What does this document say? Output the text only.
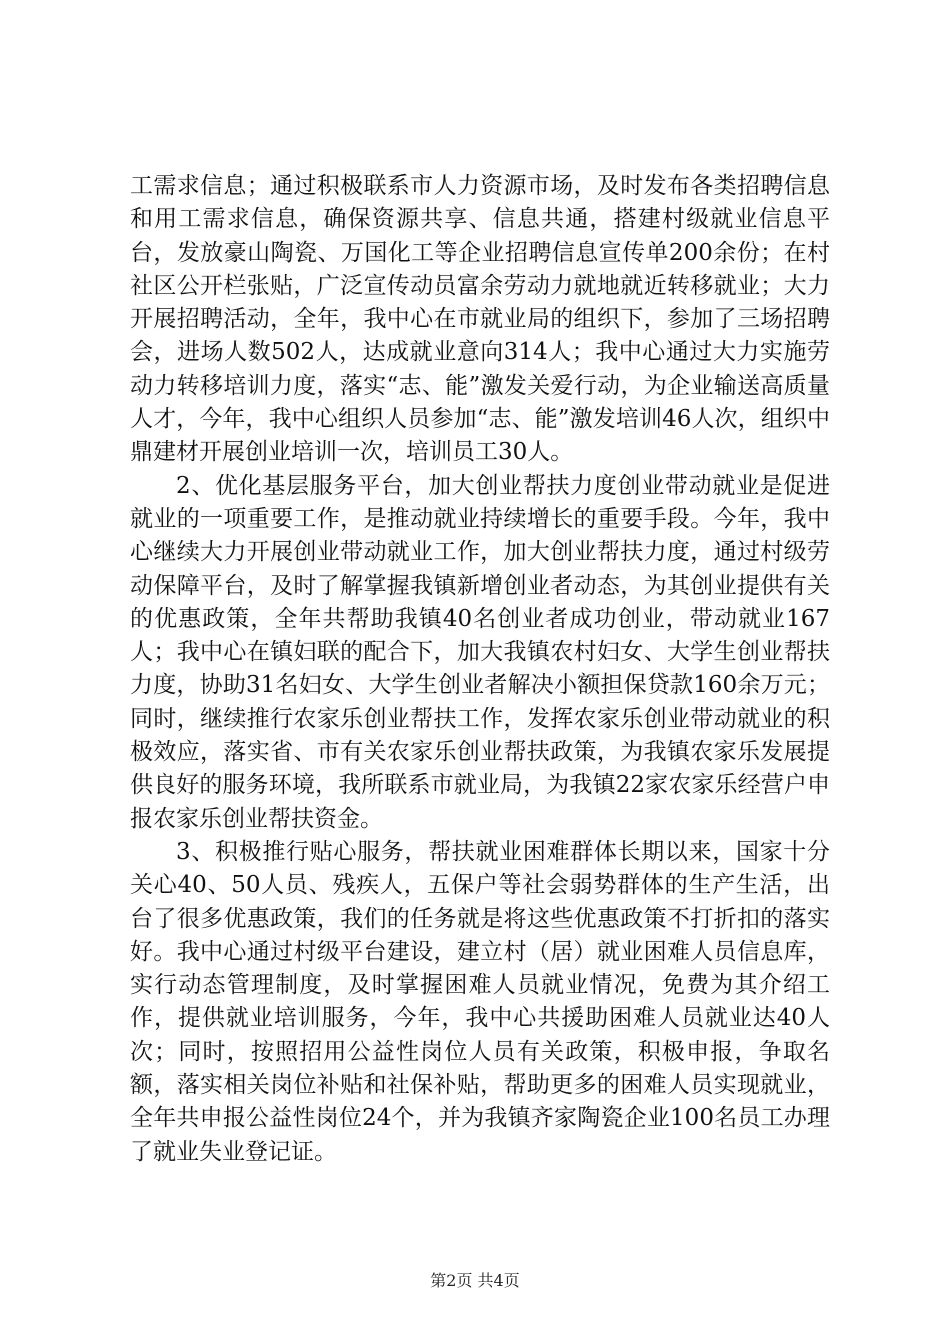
工需求信息；通过积极联系市人力资源市场，及时发布各类招聘信息和用工需求信息，确保资源共享、信息共通，搭建村级就业信息平台，发放豪山陶瓷、万国化工等企业招聘信息宣传单200余份；在村社区公开栏张贴，广泛宣传动员富余劳动力就地就近转移就业；大力开展招聘活动，全年，我中心在市就业局的组织下，参加了三场招聘会，进场人数502人，达成就业意向314人；我中心通过大力实施劳动力转移培训力度，落实“志、能”激发关爱行动，为企业输送高质量人才，今年，我中心组织人员参加“志、能”激发培训46人次，组织中鼎建材开展创业培训一次，培训员工30人。

2、优化基层服务平台，加大创业帮扶力度创业带动就业是促进就业的一项重要工作，是推动就业持续增长的重要手段。今年，我中心继续大力开展创业带动就业工作，加大创业帮扶力度，通过村级劳动保障平台，及时了解掌握我镇新增创业者动态，为其创业提供有关的优惠政策，全年共帮助我镇40名创业者成功创业，带动就业167人；我中心在镇妇联的配合下，加大我镇农村妇女、大学生创业帮扶力度，协助31名妇女、大学生创业者解决小额担保贷款160余万元；同时，继续推行农家乐创业帮扶工作，发挥农家乐创业带动就业的积极效应，落实省、市有关农家乐创业帮扶政策，为我镇农家乐发展提供良好的服务环境，我所联系市就业局，为我镇22家农家乐经营户申报农家乐创业帮扶资金。

3、积极推行贴心服务，帮扶就业困难群体长期以来，国家十分关心40、50人员、残疾人，五保户等社会弱势群体的生产生活，出台了很多优惠政策，我们的任务就是将这些优惠政策不打折扣的落实好。我中心通过村级平台建设，建立村（居）就业困难人员信息库，实行动态管理制度，及时掌握困难人员就业情况，免费为其介绍工作，提供就业培训服务，今年，我中心共援助困难人员就业达40人次；同时，按照招用公益性岗位人员有关政策，积极申报，争取名额，落实相关岗位补贴和社保补贴，帮助更多的困难人员实现就业，全年共申报公益性岗位24个，并为我镇齐家陶瓷企业100名员工办理了就业失业登记证。

第2页 共4页
